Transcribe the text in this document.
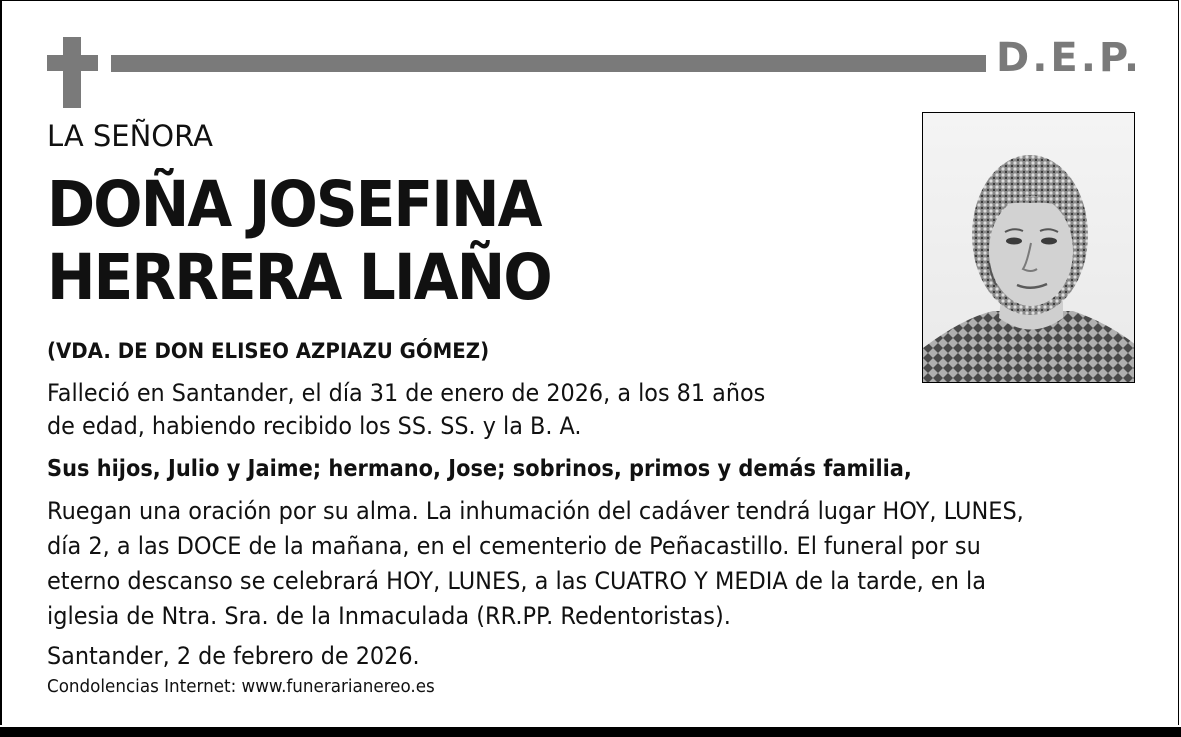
D.E.P.
LA SEÑORA
DOÑA JOSEFINA
HERRERA LIAÑO
(VDA. DE DON ELISEO AZPIAZU GÓMEZ)
Falleció en Santander, el día 31 de enero de 2026, a los 81 años
de edad, habiendo recibido los SS. SS. y la B. A.
Sus hijos, Julio y Jaime; hermano, Jose; sobrinos, primos y demás familia,
Ruegan una oración por su alma. La inhumación del cadáver tendrá lugar HOY, LUNES,
día 2, a las DOCE de la mañana, en el cementerio de Peñacastillo. El funeral por su
eterno descanso se celebrará HOY, LUNES, a las CUATRO Y MEDIA de la tarde, en la
iglesia de Ntra. Sra. de la Inmaculada (RR.PP. Redentoristas).
Santander, 2 de febrero de 2026.
Condolencias Internet: www.funerarianereo.es
